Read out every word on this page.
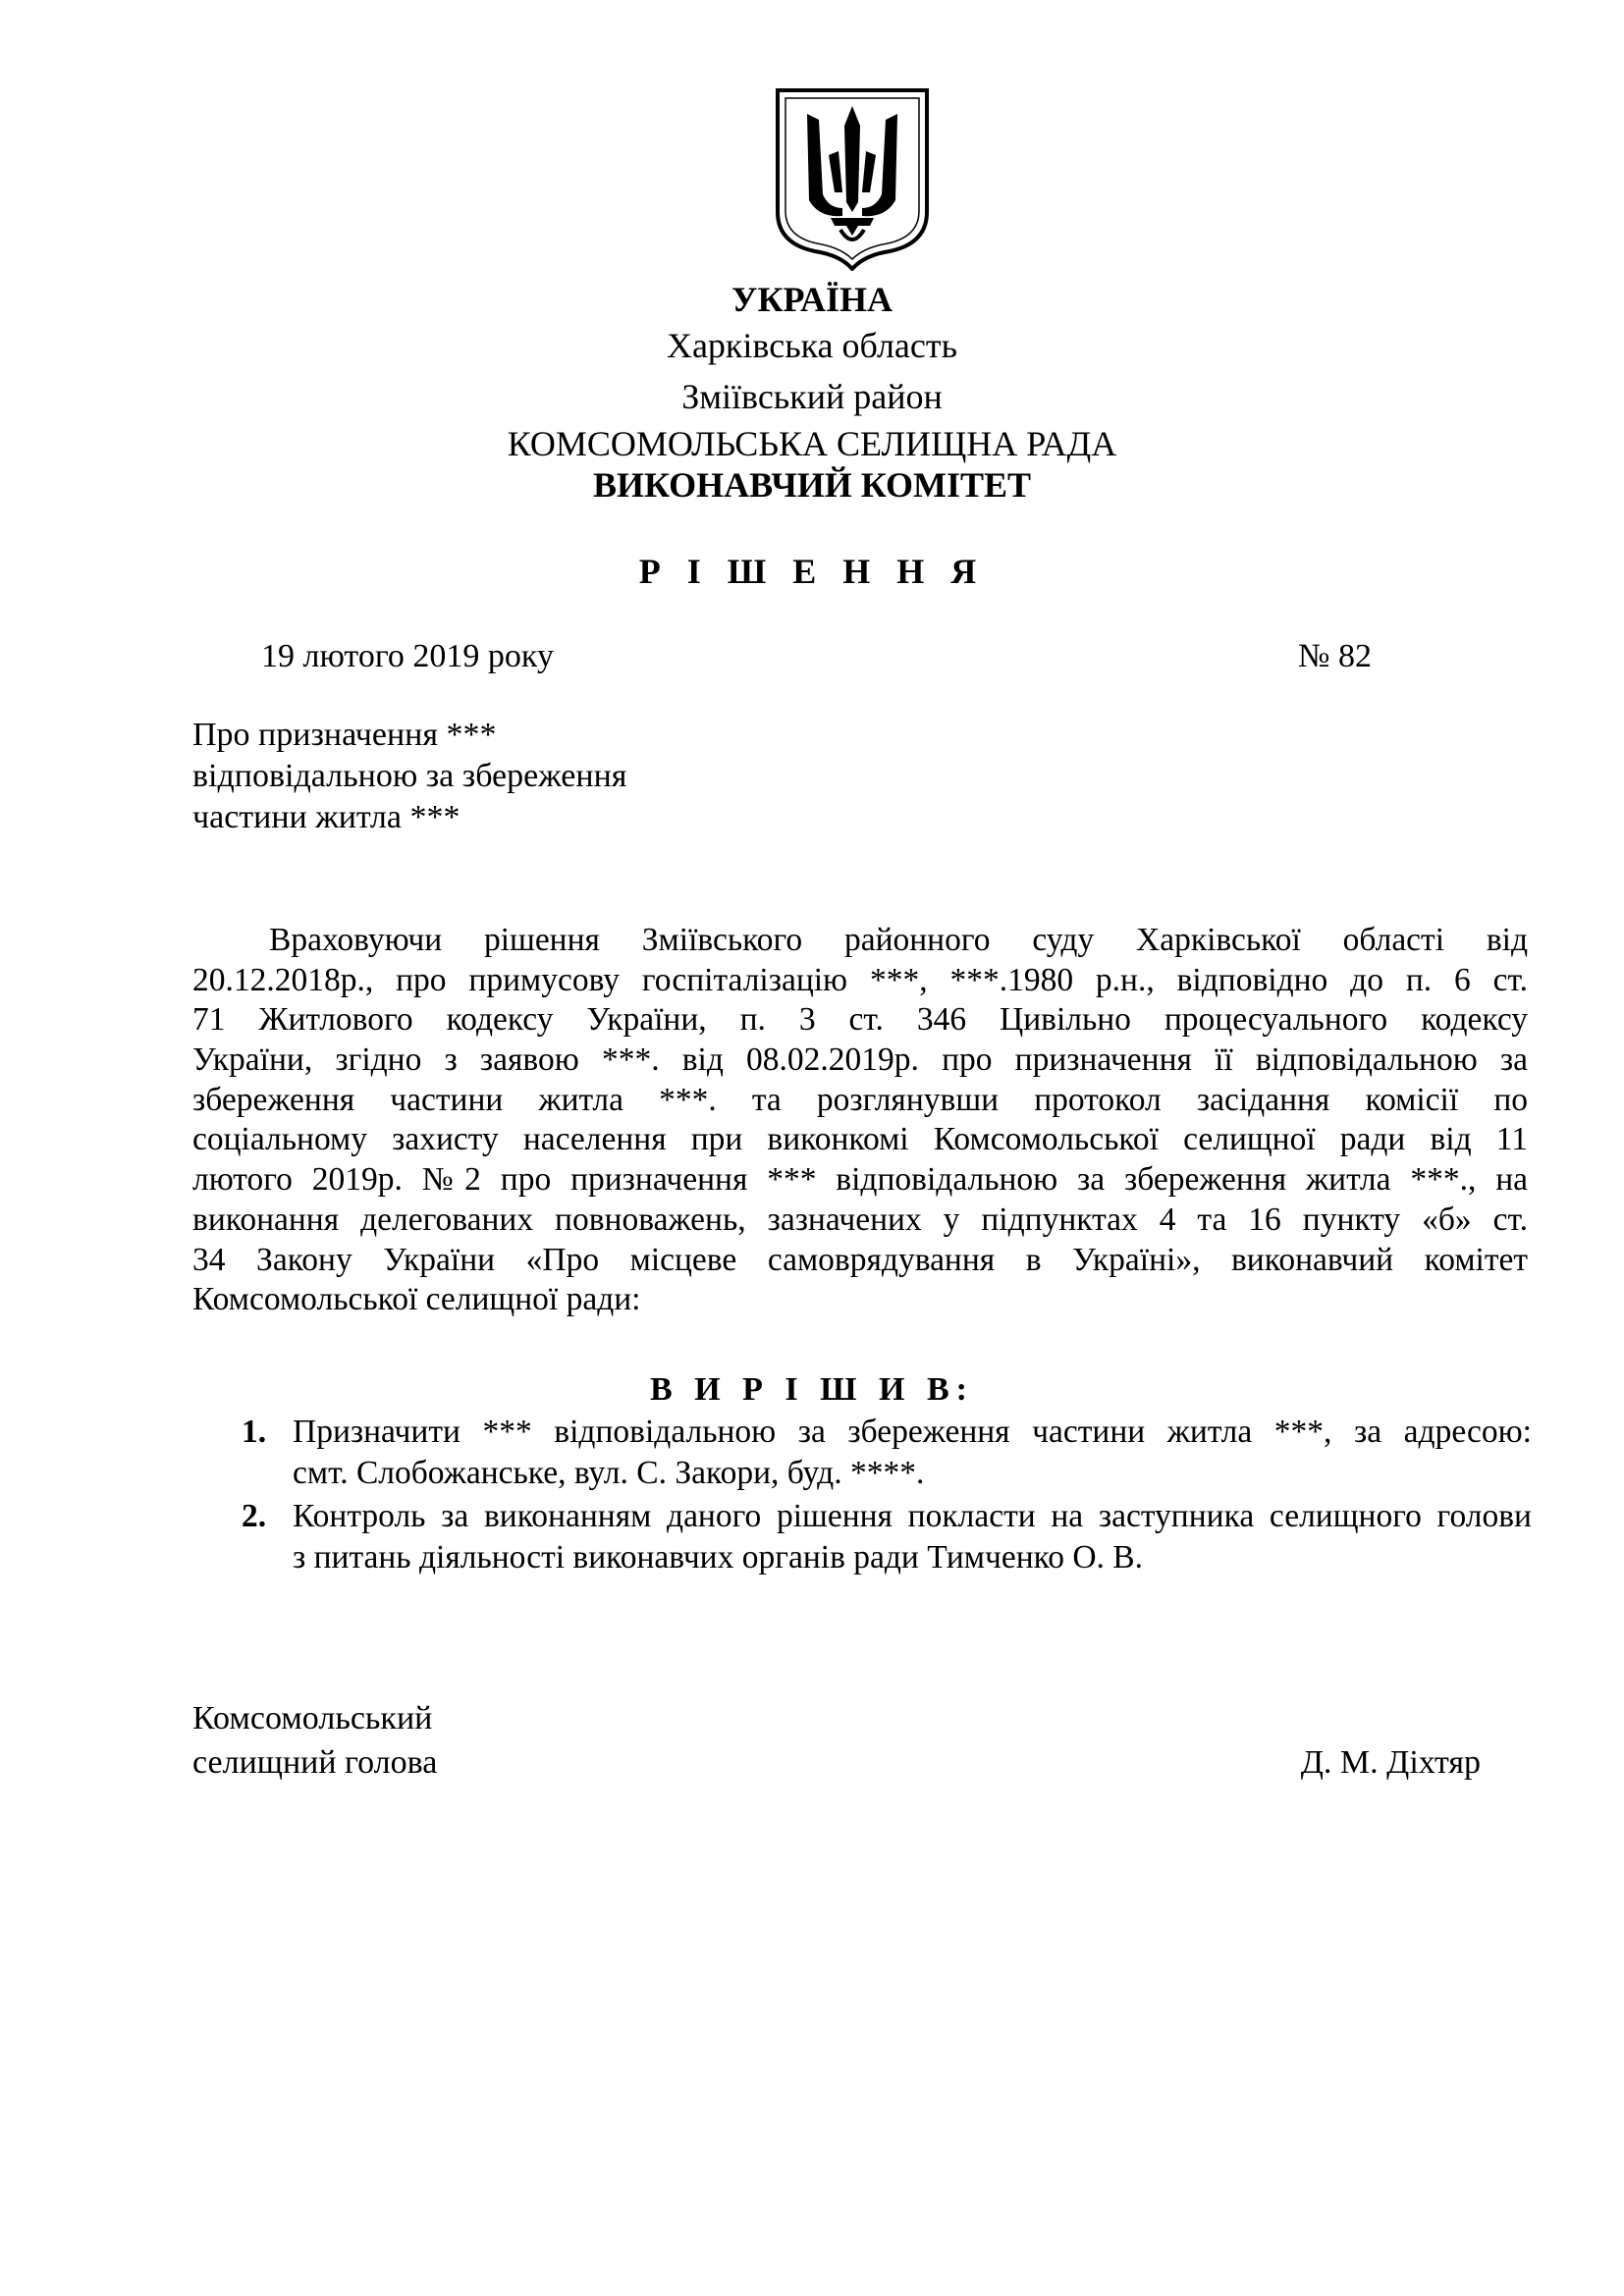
УКРАЇНА
Харківська область
Зміївський район
КОМСОМОЛЬСЬКА СЕЛИЩНА РАДА
ВИКОНАВЧИЙ КОМІТЕТ
Р І Ш Е Н Н Я
19 лютого 2019 року	№ 82
Про призначення ***
відповідальною за збереження
частини житла ***
Враховуючи рішення Зміївського районного суду Харківської області від
20.12.2018р., про примусову госпіталізацію ***, ***.1980 р.н., відповідно до п. 6 ст.
71 Житлового кодексу України, п. 3 ст. 346 Цивільно процесуального кодексу
України, згідно з заявою ***. від 08.02.2019р. про призначення її відповідальною за
збереження частини житла ***. та розглянувши протокол засідання комісії по
соціальному захисту населення при виконкомі Комсомольської селищної ради від 11
лютого 2019р. №2 про призначення *** відповідальною за збереження житла ***., на
виконання делегованих повноважень, зазначених у підпунктах 4 та 16 пункту «б» ст.
34 Закону України «Про місцеве самоврядування в Україні», виконавчий комітет
Комсомольської селищної ради:
В И Р І Ш И В:
1. Призначити *** відповідальною за збереження частини житла ***, за адресою:
смт. Слобожанське, вул. С. Закори, буд. ****.
2. Контроль за виконанням даного рішення покласти на заступника селищного голови
з питань діяльності виконавчих органів ради Тимченко О. В.
Комсомольський
селищний голова	Д. М. Діхтяр
